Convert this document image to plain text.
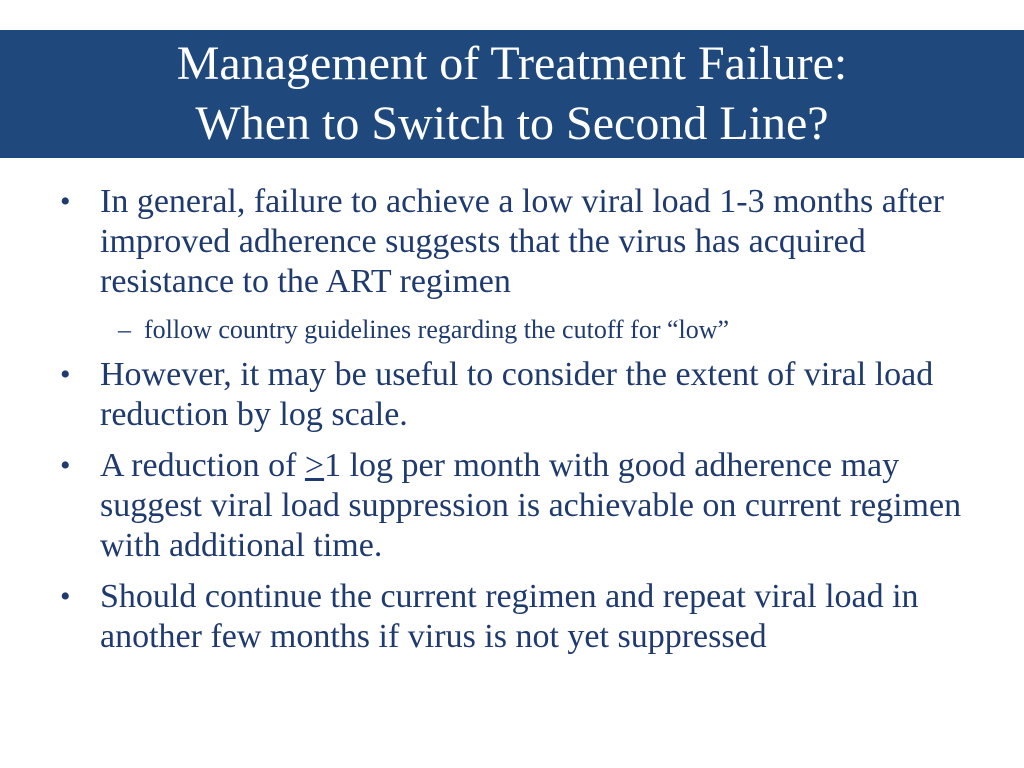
Management of Treatment Failure:
When to Switch to Second Line?
• In general, failure to achieve a low viral load 1-3 months after improved adherence suggests that the virus has acquired resistance to the ART regimen
– follow country guidelines regarding the cutoff for “low”
• However, it may be useful to consider the extent of viral load reduction by log scale.
• A reduction of ≥1 log per month with good adherence may suggest viral load suppression is achievable on current regimen with additional time.
• Should continue the current regimen and repeat viral load in another few months if virus is not yet suppressed
